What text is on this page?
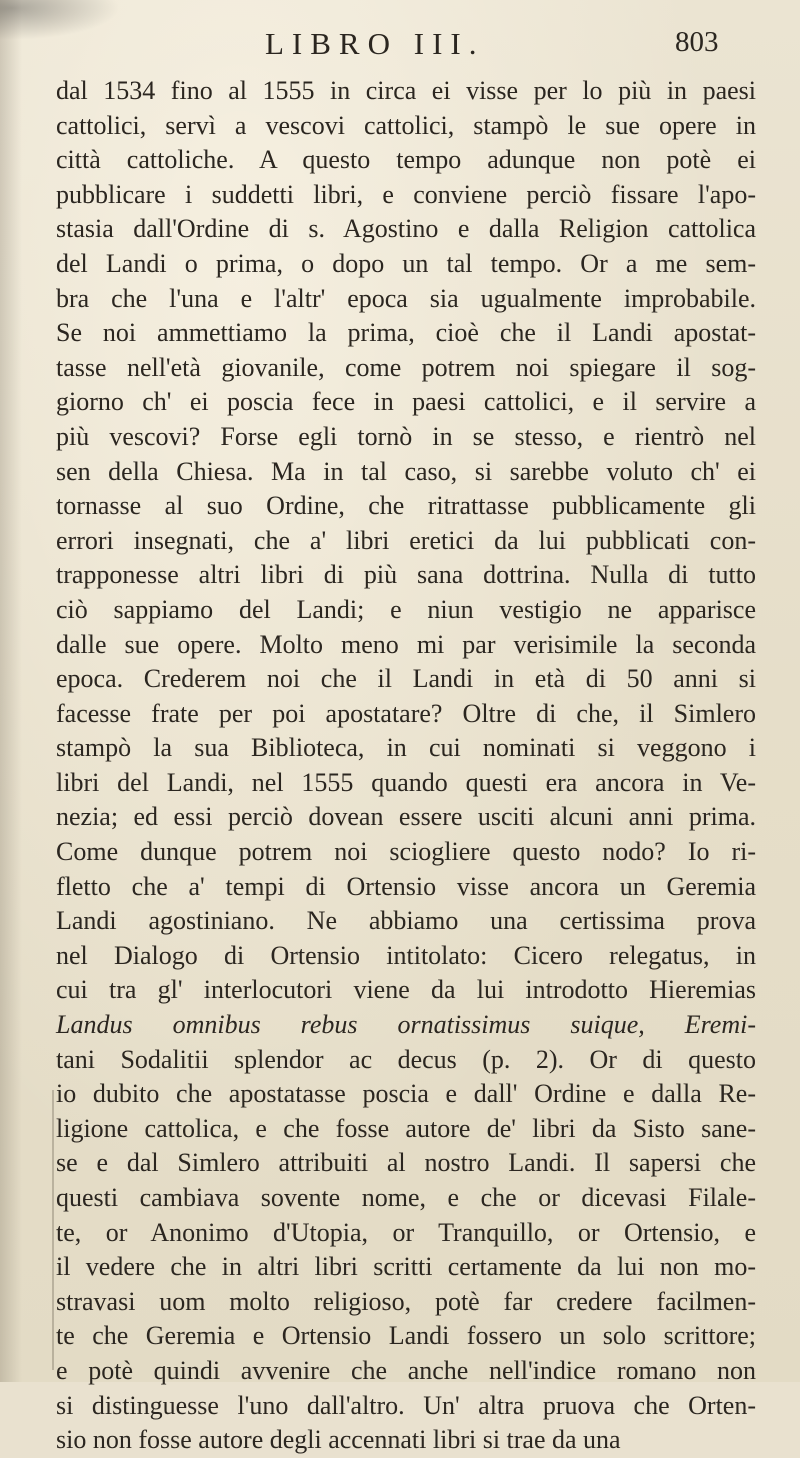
LIBRO III.	803
dal 1534 fino al 1555 in circa ei visse per lo più in paesi
cattolici, servì a vescovi cattolici, stampò le sue opere in
città cattoliche. A questo tempo adunque non potè ei
pubblicare i suddetti libri, e conviene perciò fissare l'apo-
stasia dall'Ordine di s. Agostino e dalla Religion cattolica
del Landi o prima, o dopo un tal tempo. Or a me sem-
bra che l'una e l'altr' epoca sia ugualmente improbabile.
Se noi ammettiamo la prima, cioè che il Landi apostat-
tasse nell'età giovanile, come potrem noi spiegare il sog-
giorno ch' ei poscia fece in paesi cattolici, e il servire a
più vescovi? Forse egli tornò in se stesso, e rientrò nel
sen della Chiesa. Ma in tal caso, si sarebbe voluto ch' ei
tornasse al suo Ordine, che ritrattasse pubblicamente gli
errori insegnati, che a' libri eretici da lui pubblicati con-
trapponesse altri libri di più sana dottrina. Nulla di tutto
ciò sappiamo del Landi; e niun vestigio ne apparisce
dalle sue opere. Molto meno mi par verisimile la seconda
epoca. Crederem noi che il Landi in età di 50 anni si
facesse frate per poi apostatare? Oltre di che, il Simlero
stampò la sua Biblioteca, in cui nominati si veggono i
libri del Landi, nel 1555 quando questi era ancora in Ve-
nezia; ed essi perciò dovean essere usciti alcuni anni prima.
Come dunque potrem noi sciogliere questo nodo? Io ri-
fletto che a' tempi di Ortensio visse ancora un Geremia
Landi agostiniano. Ne abbiamo una certissima prova
nel Dialogo di Ortensio intitolato: Cicero relegatus, in
cui tra gl' interlocutori viene da lui introdotto Hieremias
Landus omnibus rebus ornatissimus suique, Eremi-
tani Sodalitii splendor ac decus (p. 2). Or di questo
io dubito che apostatasse poscia e dall' Ordine e dalla Re-
ligione cattolica, e che fosse autore de' libri da Sisto sane-
se e dal Simlero attribuiti al nostro Landi. Il sapersi che
questi cambiava sovente nome, e che or dicevasi Filale-
te, or Anonimo d'Utopia, or Tranquillo, or Ortensio, e
il vedere che in altri libri scritti certamente da lui non mo-
stravasi uom molto religioso, potè far credere facilmen-
te che Geremia e Ortensio Landi fossero un solo scrittore;
e potè quindi avvenire che anche nell'indice romano non
si distinguesse l'uno dall'altro. Un' altra pruova che Orten-
sio non fosse autore degli accennati libri si trae da una
